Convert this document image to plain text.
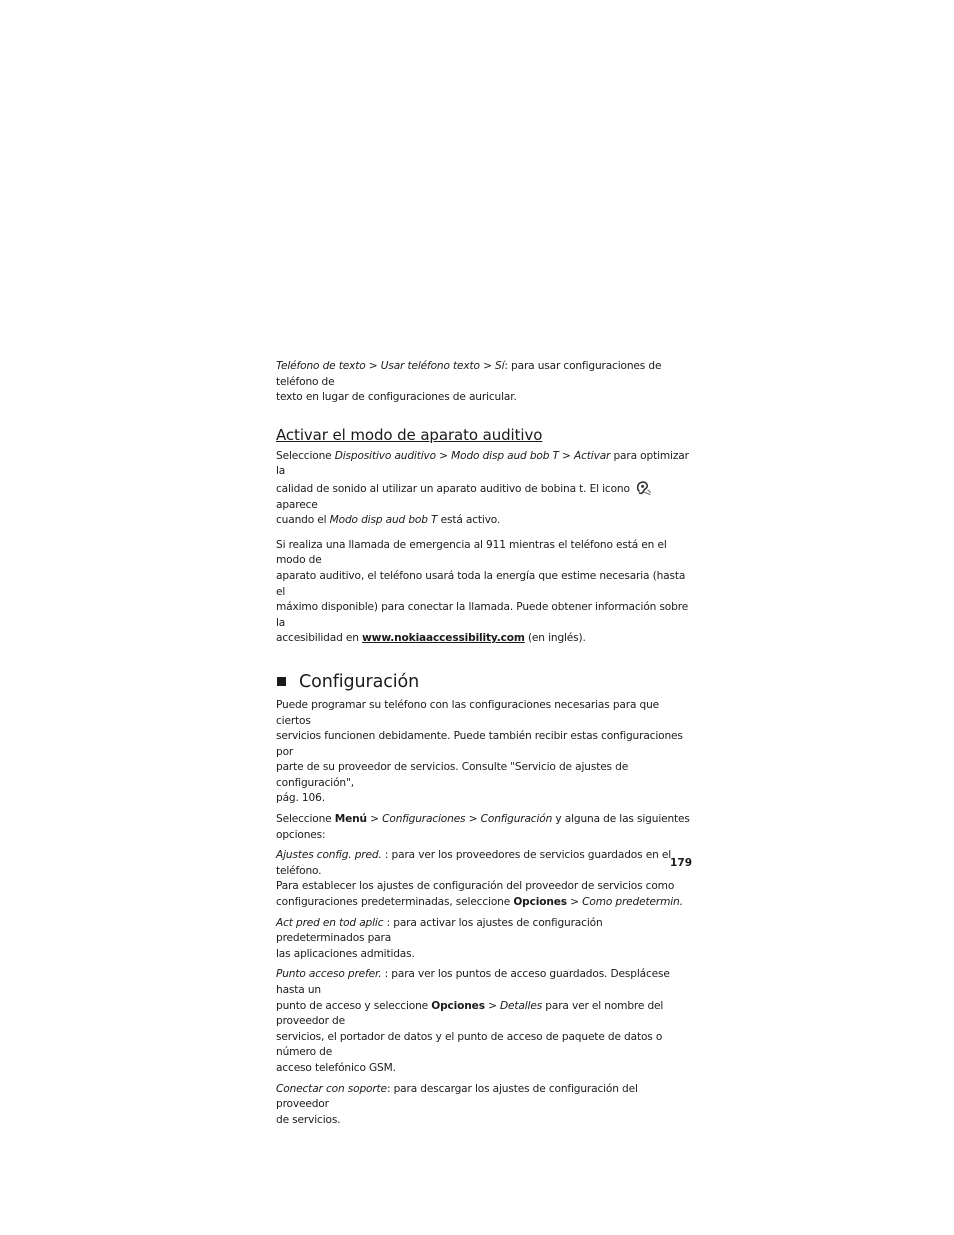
Teléfono de texto > Usar teléfono texto > Sí: para usar configuraciones de teléfono de
texto en lugar de configuraciones de auricular.

Activar el modo de aparato auditivo

Seleccione Dispositivo auditivo > Modo disp aud bob T > Activar para optimizar la
calidad de sonido al utilizar un aparato auditivo de bobina t. El icono  aparece
cuando el Modo disp aud bob T está activo.

Si realiza una llamada de emergencia al 911 mientras el teléfono está en el modo de
aparato auditivo, el teléfono usará toda la energía que estime necesaria (hasta el
máximo disponible) para conectar la llamada. Puede obtener información sobre la
accesibilidad en www.nokiaaccessibility.com (en inglés).

Configuración

Puede programar su teléfono con las configuraciones necesarias para que ciertos
servicios funcionen debidamente. Puede también recibir estas configuraciones por
parte de su proveedor de servicios. Consulte "Servicio de ajustes de configuración",
pág. 106.

Seleccione Menú > Configuraciones > Configuración y alguna de las siguientes opciones:

Ajustes config. pred. : para ver los proveedores de servicios guardados en el teléfono.
Para establecer los ajustes de configuración del proveedor de servicios como
configuraciones predeterminadas, seleccione Opciones > Como predetermin.

Act pred en tod aplic : para activar los ajustes de configuración predeterminados para
las aplicaciones admitidas.

Punto acceso prefer. : para ver los puntos de acceso guardados. Desplácese hasta un
punto de acceso y seleccione Opciones > Detalles para ver el nombre del proveedor de
servicios, el portador de datos y el punto de acceso de paquete de datos o número de
acceso telefónico GSM.

Conectar con soporte: para descargar los ajustes de configuración del proveedor
de servicios.

179
